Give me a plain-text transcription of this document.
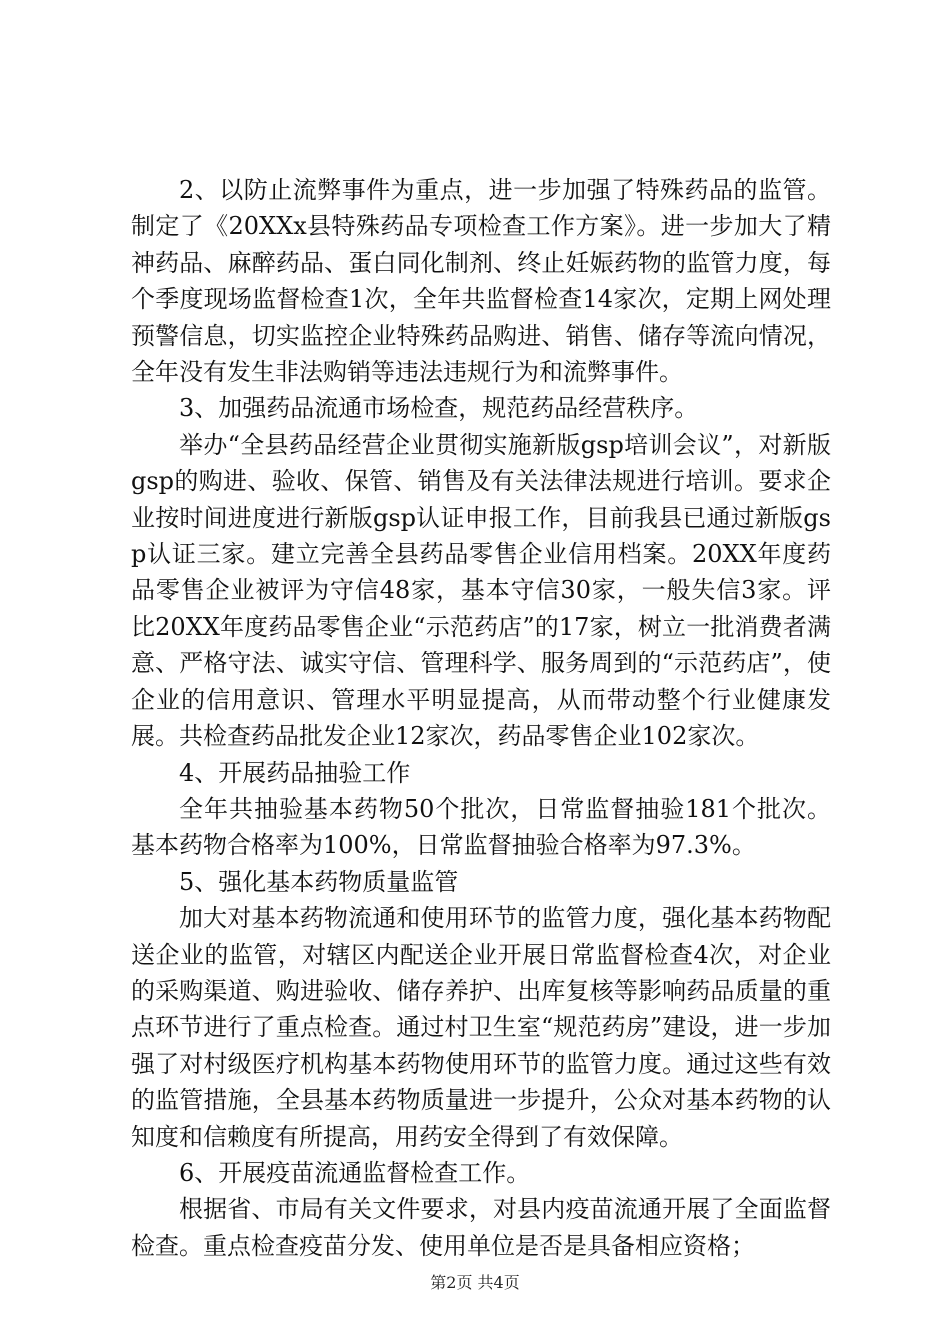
2、以防止流弊事件为重点，进一步加强了特殊药品的监管。制定了《20XXx县特殊药品专项检查工作方案》。进一步加大了精神药品、麻醉药品、蛋白同化制剂、终止妊娠药物的监管力度，每个季度现场监督检查1次，全年共监督检查14家次，定期上网处理预警信息，切实监控企业特殊药品购进、销售、储存等流向情况，全年没有发生非法购销等违法违规行为和流弊事件。

3、加强药品流通市场检查，规范药品经营秩序。

举办“全县药品经营企业贯彻实施新版gsp培训会议”，对新版gsp的购进、验收、保管、销售及有关法律法规进行培训。要求企业按时间进度进行新版gsp认证申报工作，目前我县已通过新版gsp认证三家。建立完善全县药品零售企业信用档案。20XX年度药品零售企业被评为守信48家，基本守信30家，一般失信3家。评比20XX年度药品零售企业“示范药店”的17家，树立一批消费者满意、严格守法、诚实守信、管理科学、服务周到的“示范药店”，使企业的信用意识、管理水平明显提高，从而带动整个行业健康发展。共检查药品批发企业12家次，药品零售企业102家次。

4、开展药品抽验工作

全年共抽验基本药物50个批次，日常监督抽验181个批次。基本药物合格率为100%，日常监督抽验合格率为97.3%。

5、强化基本药物质量监管

加大对基本药物流通和使用环节的监管力度，强化基本药物配送企业的监管，对辖区内配送企业开展日常监督检查4次，对企业的采购渠道、购进验收、储存养护、出库复核等影响药品质量的重点环节进行了重点检查。通过村卫生室“规范药房”建设，进一步加强了对村级医疗机构基本药物使用环节的监管力度。通过这些有效的监管措施，全县基本药物质量进一步提升，公众对基本药物的认知度和信赖度有所提高，用药安全得到了有效保障。

6、开展疫苗流通监督检查工作。

根据省、市局有关文件要求，对县内疫苗流通开展了全面监督检查。重点检查疫苗分发、使用单位是否是具备相应资格；

第2页 共4页
